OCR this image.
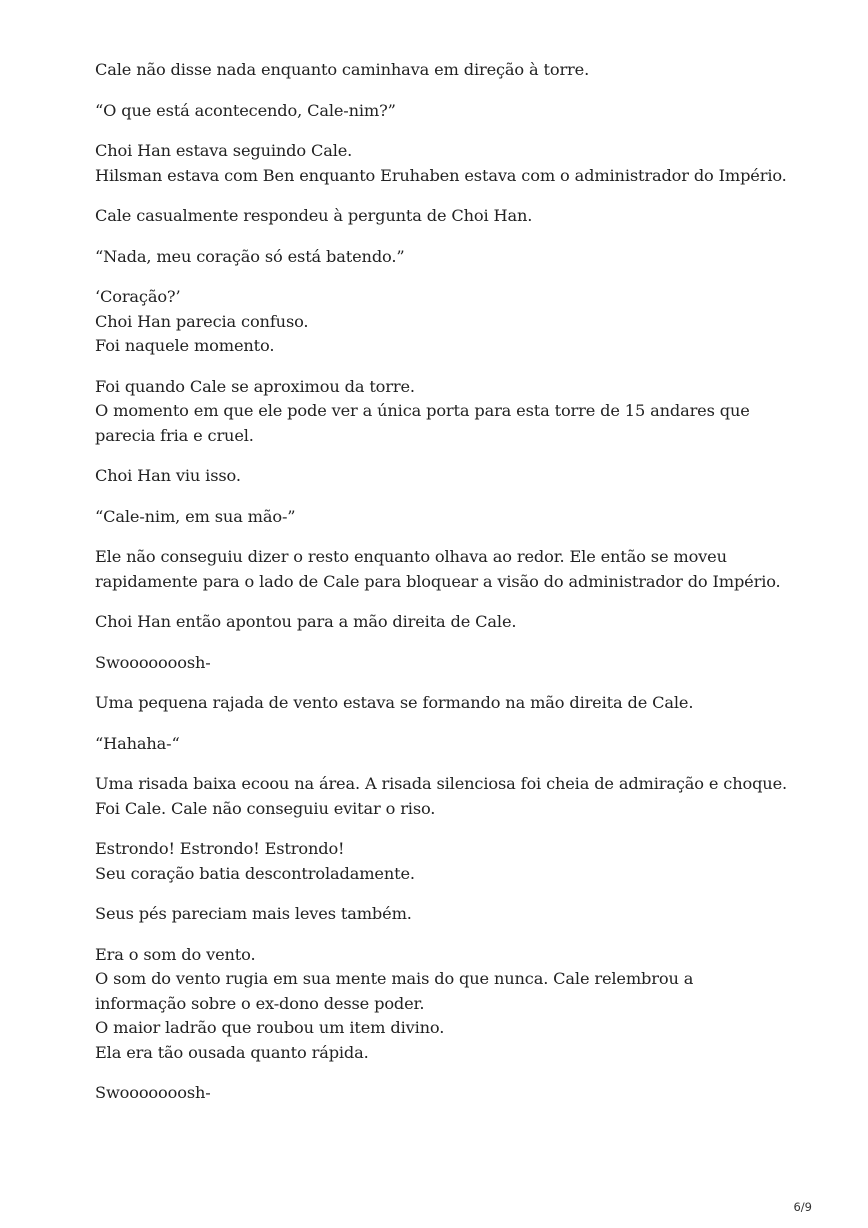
Cale não disse nada enquanto caminhava em direção à torre.

“O que está acontecendo, Cale-nim?”

Choi Han estava seguindo Cale.
Hilsman estava com Ben enquanto Eruhaben estava com o administrador do Império.

Cale casualmente respondeu à pergunta de Choi Han.

“Nada, meu coração só está batendo.”

‘Coração?’
Choi Han parecia confuso.
Foi naquele momento.

Foi quando Cale se aproximou da torre.
O momento em que ele pode ver a única porta para esta torre de 15 andares que parecia fria e cruel.

Choi Han viu isso.

“Cale-nim, em sua mão-”

Ele não conseguiu dizer o resto enquanto olhava ao redor. Ele então se moveu rapidamente para o lado de Cale para bloquear a visão do administrador do Império.

Choi Han então apontou para a mão direita de Cale.

Swooooooosh-

Uma pequena rajada de vento estava se formando na mão direita de Cale.

“Hahaha-“

Uma risada baixa ecoou na área. A risada silenciosa foi cheia de admiração e choque.
Foi Cale. Cale não conseguiu evitar o riso.

Estrondo! Estrondo! Estrondo!
Seu coração batia descontroladamente.

Seus pés pareciam mais leves também.

Era o som do vento.
O som do vento rugia em sua mente mais do que nunca. Cale relembrou a informação sobre o ex-dono desse poder.
O maior ladrão que roubou um item divino.
Ela era tão ousada quanto rápida.

Swooooooosh-

6/9
